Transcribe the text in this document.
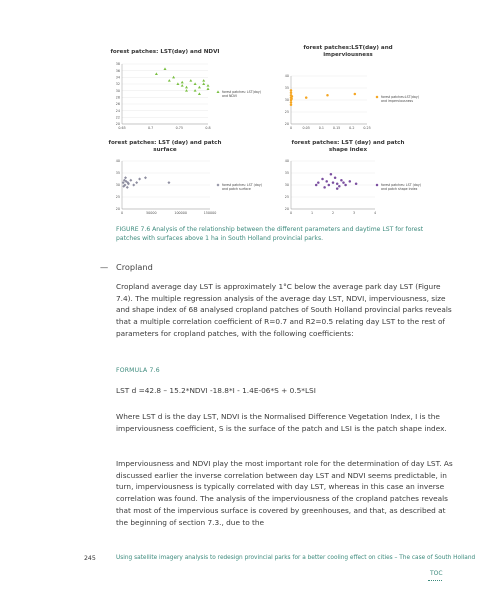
forest patches: LST(day) and NDVI
38
36
34
32
30
28
26
24
22
20
0.65	0.7	0.75	0.8
forest patches: LST(day)
and NDVI
forest patches:LST(day) and
imperviousness
40
35
30
25
20
0	0.05	0.1	0.15	0.2	0.25
forest patches:LST(day)
and imperviousness
forest patches: LST (day) and patch
surface
40
35
30
25
20
0	50000	100000	150000
forest patches: LST (day)
and patch surface
forest patches: LST (day) and patch
shape index
40
35
30
25
20
0	1	2	3	4
forest patches: LST (day)
and patch shape index
FIGURE 7.6 Analysis of the relationship between the different parameters and daytime LST for forest patches with surfaces above 1 ha in South Holland provincial parks.
— Cropland

Cropland average day LST is approximately 1°C below the average park day LST (Figure 7.4). The multiple regression analysis of the average day LST, NDVI, imperviousness, size and shape index of 68 analysed cropland patches of South Holland provincial parks reveals that a multiple correlation coefficient of R=0.7 and R2=0.5 relating day LST to the rest of parameters for cropland patches, with the following coefficients:

FORMULA 7.6
LST d =42.8 – 15.2*NDVI -18.8*I - 1.4E-06*S + 0.5*LSI

Where LST d is the day LST, NDVI is the Normalised Difference Vegetation Index, I is the imperviousness coefficient, S is the surface of the patch and LSI is the patch shape index.

Imperviousness and NDVI play the most important role for the determination of day LST. As discussed earlier the inverse correlation between day LST and NDVI seems predictable, in turn, imperviousness is typically correlated with day LST, whereas in this case an inverse correlation was found. The analysis of the imperviousness of the cropland patches reveals that most of the impervious surface is covered by greenhouses, and that, as described at the beginning of section 7.3., due to the

245	Using satellite imagery analysis to redesign provincial parks for a better cooling effect on cities – The case of South Holland
TOC
